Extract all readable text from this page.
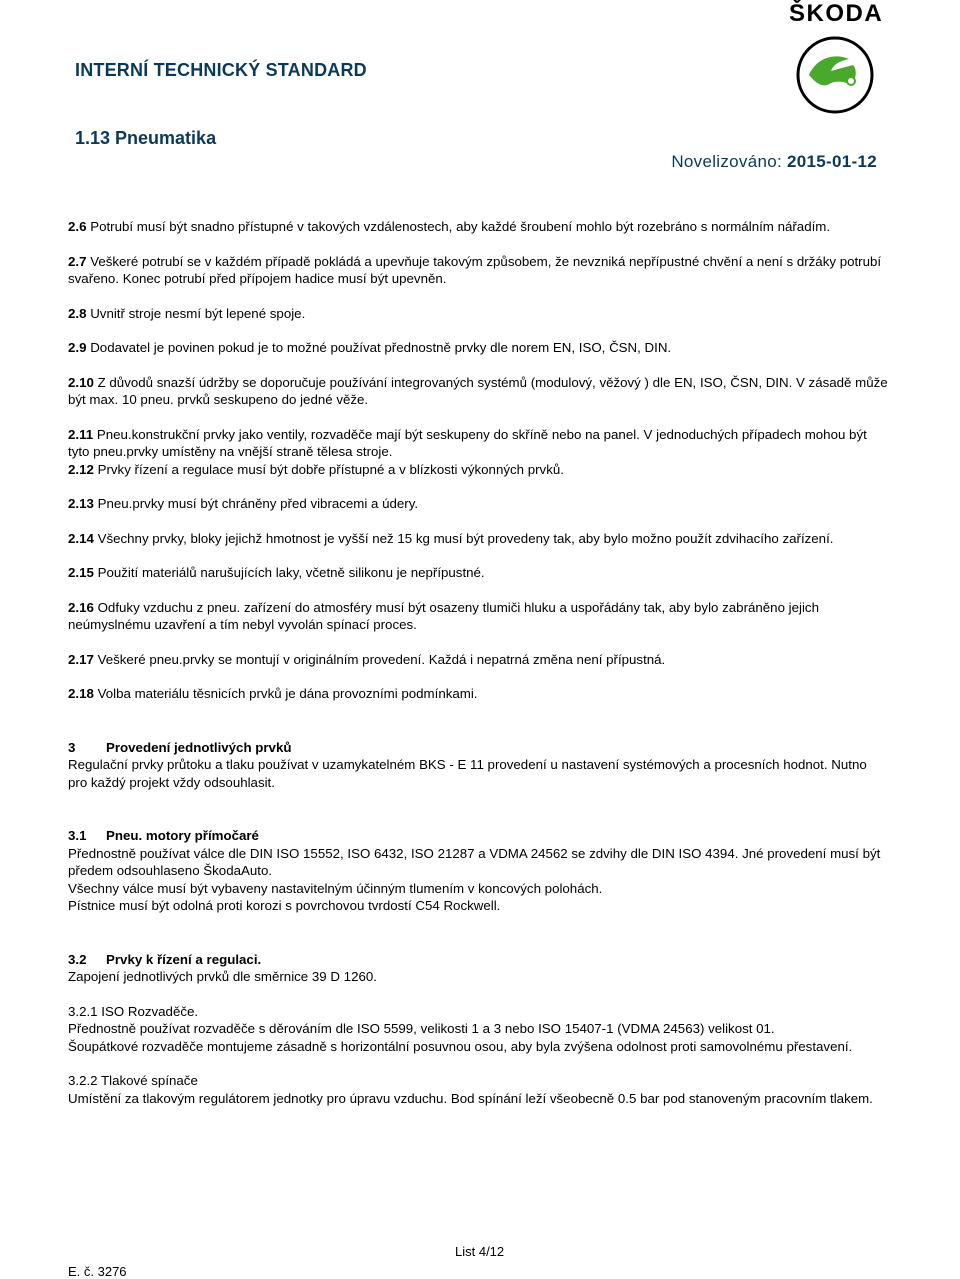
INTERNÍ TECHNICKÝ STANDARD
1.13 Pneumatika
Novelizováno: 2015-01-12
ŠKODA

2.6 Potrubí musí být snadno přístupné v takových vzdálenostech, aby každé šroubení mohlo být rozebráno s normálním nářadím.

2.7 Veškeré potrubí se v každém případě pokládá a upevňuje takovým způsobem, že nevzniká nepřípustné chvění a není s držáky potrubí svařeno. Konec potrubí před přípojem hadice musí být upevněn.

2.8 Uvnitř stroje nesmí být lepené spoje.

2.9 Dodavatel je povinen pokud je to možné používat přednostně prvky dle norem EN, ISO, ČSN, DIN.

2.10 Z důvodů snazší údržby se doporučuje používání integrovaných systémů (modulový, věžový ) dle EN, ISO, ČSN, DIN. V zásadě může být max. 10 pneu. prvků seskupeno do jedné věže.

2.11 Pneu.konstrukční prvky jako ventily, rozvaděče mají být seskupeny do skříně nebo na panel. V jednoduchých případech mohou být tyto pneu.prvky umístěny na vnější straně tělesa stroje.

2.12 Prvky řízení a regulace musí být dobře přístupné a v blízkosti výkonných prvků.

2.13 Pneu.prvky musí být chráněny před vibracemi a údery.

2.14 Všechny prvky, bloky jejichž hmotnost je vyšší než 15 kg musí být provedeny tak, aby bylo možno použít zdvihacího zařízení.

2.15 Použití materiálů narušujících laky, včetně silikonu je nepřípustné.

2.16 Odfuky vzduchu z pneu. zařízení do atmosféry musí být osazeny tlumiči hluku a uspořádány tak, aby bylo zabráněno jejich neúmyslnému uzavření a tím nebyl vyvolán spínací proces.

2.17 Veškeré pneu.prvky se montují v originálním provedení. Každá i nepatrná změna není přípustná.

2.18 Volba materiálu těsnicích prvků je dána provozními podmínkami.

3	Provedení jednotlivých prvků

Regulační prvky průtoku a tlaku používat v uzamykatelném BKS - E 11 provedení u nastavení systémových a procesních hodnot. Nutno pro každý projekt vždy odsouhlasit.

3.1	Pneu. motory přímočaré

Přednostně používat válce dle DIN ISO 15552, ISO 6432, ISO 21287 a VDMA 24562 se zdvihy dle DIN ISO 4394. Jné provedení musí být předem odsouhlaseno ŠkodaAuto.

Všechny válce musí být vybaveny nastavitelným účinným tlumením v koncových polohách.

Pístnice musí být odolná proti korozi s povrchovou tvrdostí C54 Rockwell.

3.2	Prvky k řízení a regulaci.

Zapojení jednotlivých prvků dle směrnice 39 D 1260.

3.2.1 ISO Rozvaděče.

Přednostně používat rozvaděče s děrováním dle ISO 5599, velikosti 1 a 3 nebo ISO 15407-1 (VDMA 24563) velikost 01.

Šoupátkové rozvaděče montujeme zásadně s horizontální posuvnou osou, aby byla zvýšena odolnost proti samovolnému přestavení.

3.2.2 Tlakové spínače

Umístění za tlakovým regulátorem jednotky pro úpravu vzduchu. Bod spínání leží všeobecně 0.5 bar pod stanoveným pracovním tlakem.

List 4/12
E. č. 3276
